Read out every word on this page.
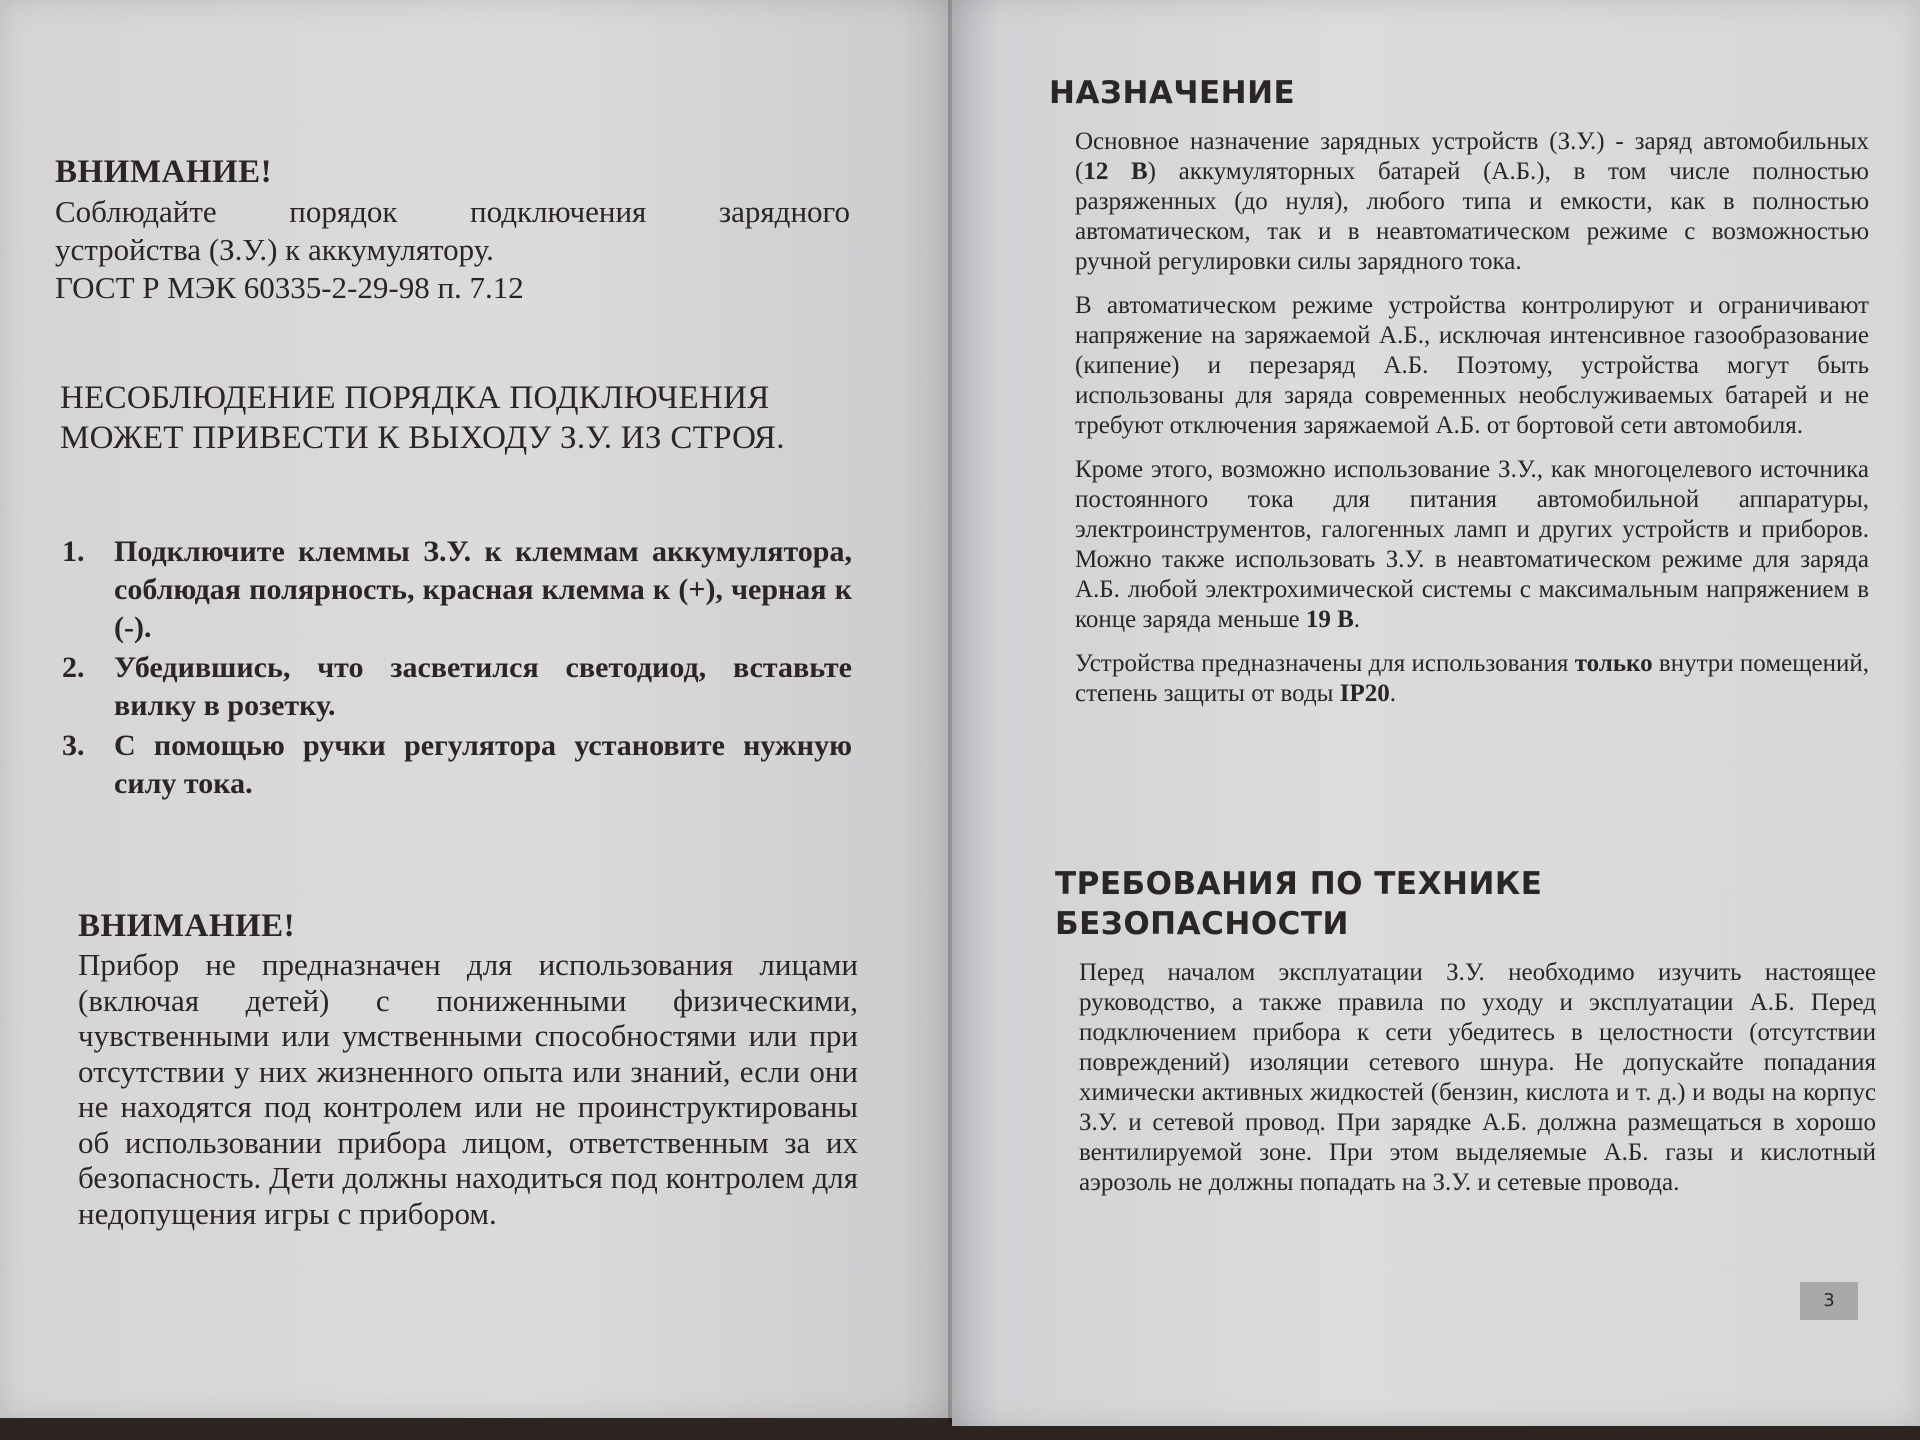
ВНИМАНИЕ!
Соблюдайте порядок подключения зарядного
устройства (З.У.) к аккумулятору.
ГОСТ Р МЭК 60335-2-29-98 п. 7.12
НЕСОБЛЮДЕНИЕ ПОРЯДКА ПОДКЛЮЧЕНИЯ
МОЖЕТ ПРИВЕСТИ К ВЫХОДУ З.У. ИЗ СТРОЯ.
1. Подключите клеммы З.У. к клеммам аккумулятора, соблюдая полярность, красная клемма к (+), черная к (-).
2. Убедившись, что засветился светодиод, вставьте вилку в розетку.
3. С помощью ручки регулятора установите нужную силу тока.
ВНИМАНИЕ!

Прибор не предназначен для использования лицами (включая детей) с пониженными физическими, чувственными или умственными способностями или при отсутствии у них жизненного опыта или знаний, если они не находятся под контролем или не проинструктированы об использовании прибора лицом, ответственным за их безопасность. Дети должны находиться под контролем для недопущения игры с прибором.

НАЗНАЧЕНИЕ

Основное назначение зарядных устройств (З.У.) - заряд автомобильных (12 В) аккумуляторных батарей (А.Б.), в том числе полностью разряженных (до нуля), любого типа и емкости, как в полностью автоматическом, так и в неавтоматическом режиме с возможностью ручной регулировки силы зарядного тока.

В автоматическом режиме устройства контролируют и ограничивают напряжение на заряжаемой А.Б., исключая интенсивное газообразование (кипение) и перезаряд А.Б. Поэтому, устройства могут быть использованы для заряда современных необслуживаемых батарей и не требуют отключения заряжаемой А.Б. от бортовой сети автомобиля.

Кроме этого, возможно использование З.У., как многоцелевого источника постоянного тока для питания автомобильной аппаратуры, электроинструментов, галогенных ламп и других устройств и приборов. Можно также использовать З.У. в неавтоматическом режиме для заряда А.Б. любой электрохимической системы с максимальным напряжением в конце заряда меньше 19 В.

Устройства предназначены для использования только внутри помещений, степень защиты от воды IP20.

ТРЕБОВАНИЯ ПО ТЕХНИКЕ
БЕЗОПАСНОСТИ

Перед началом эксплуатации З.У. необходимо изучить настоящее руководство, а также правила по уходу и эксплуатации А.Б. Перед подключением прибора к сети убедитесь в целостности (отсутствии повреждений) изоляции сетевого шнура. Не допускайте попадания химически активных жидкостей (бензин, кислота и т. д.) и воды на корпус З.У. и сетевой провод. При зарядке А.Б. должна размещаться в хорошо вентилируемой зоне. При этом выделяемые А.Б. газы и кислотный аэрозоль не должны попадать на З.У. и сетевые провода.

3
